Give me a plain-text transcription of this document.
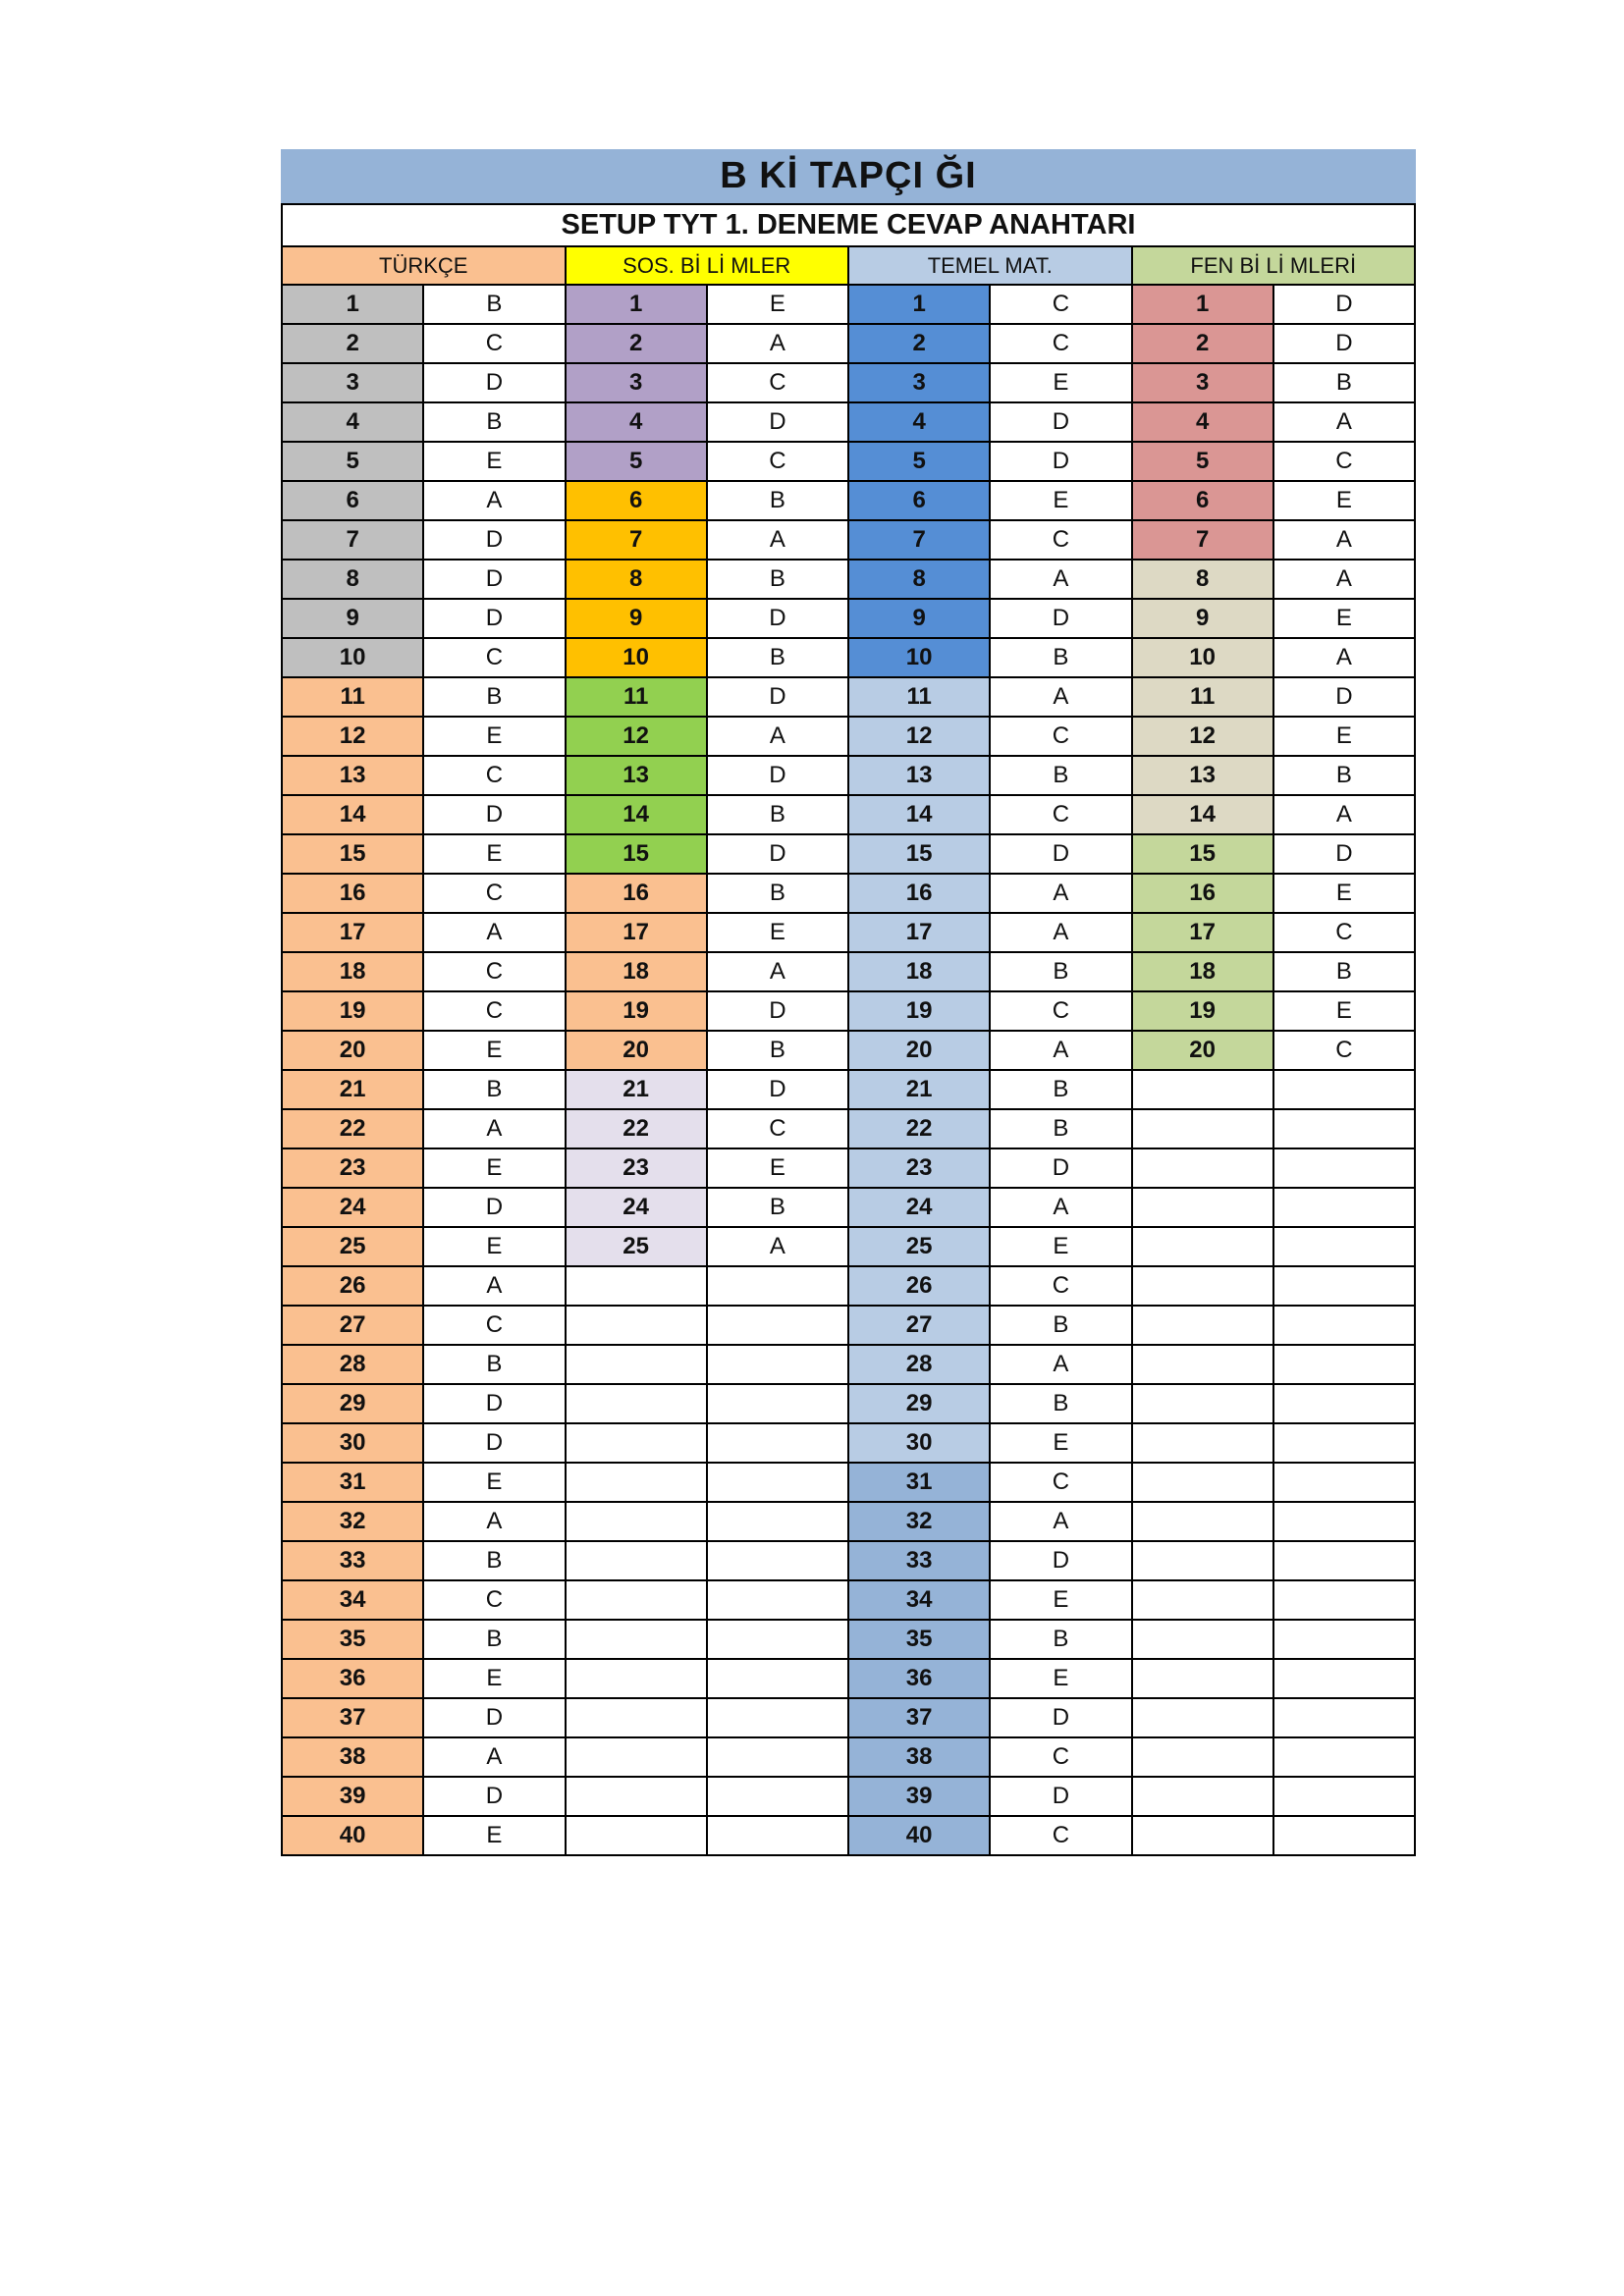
B Kİ TAPÇI ĞI
SETUP TYT 1. DENEME CEVAP ANAHTARI							
TÜRKÇE		SOS. Bİ Lİ MLER		TEMEL MAT.		FEN Bİ Lİ MLERİ	
1	B	1	E	1	C	1	D
2	C	2	A	2	C	2	D
3	D	3	C	3	E	3	B
4	B	4	D	4	D	4	A
5	E	5	C	5	D	5	C
6	A	6	B	6	E	6	E
7	D	7	A	7	C	7	A
8	D	8	B	8	A	8	A
9	D	9	D	9	D	9	E
10	C	10	B	10	B	10	A
11	B	11	D	11	A	11	D
12	E	12	A	12	C	12	E
13	C	13	D	13	B	13	B
14	D	14	B	14	C	14	A
15	E	15	D	15	D	15	D
16	C	16	B	16	A	16	E
17	A	17	E	17	A	17	C
18	C	18	A	18	B	18	B
19	C	19	D	19	C	19	E
20	E	20	B	20	A	20	C
21	B	21	D	21	B		
22	A	22	C	22	B		
23	E	23	E	23	D		
24	D	24	B	24	A		
25	E	25	A	25	E		
26	A			26	C		
27	C			27	B		
28	B			28	A		
29	D			29	B		
30	D			30	E		
31	E			31	C		
32	A			32	A		
33	B			33	D		
34	C			34	E		
35	B			35	B		
36	E			36	E		
37	D			37	D		
38	A			38	C		
39	D			39	D		
40	E			40	C		
